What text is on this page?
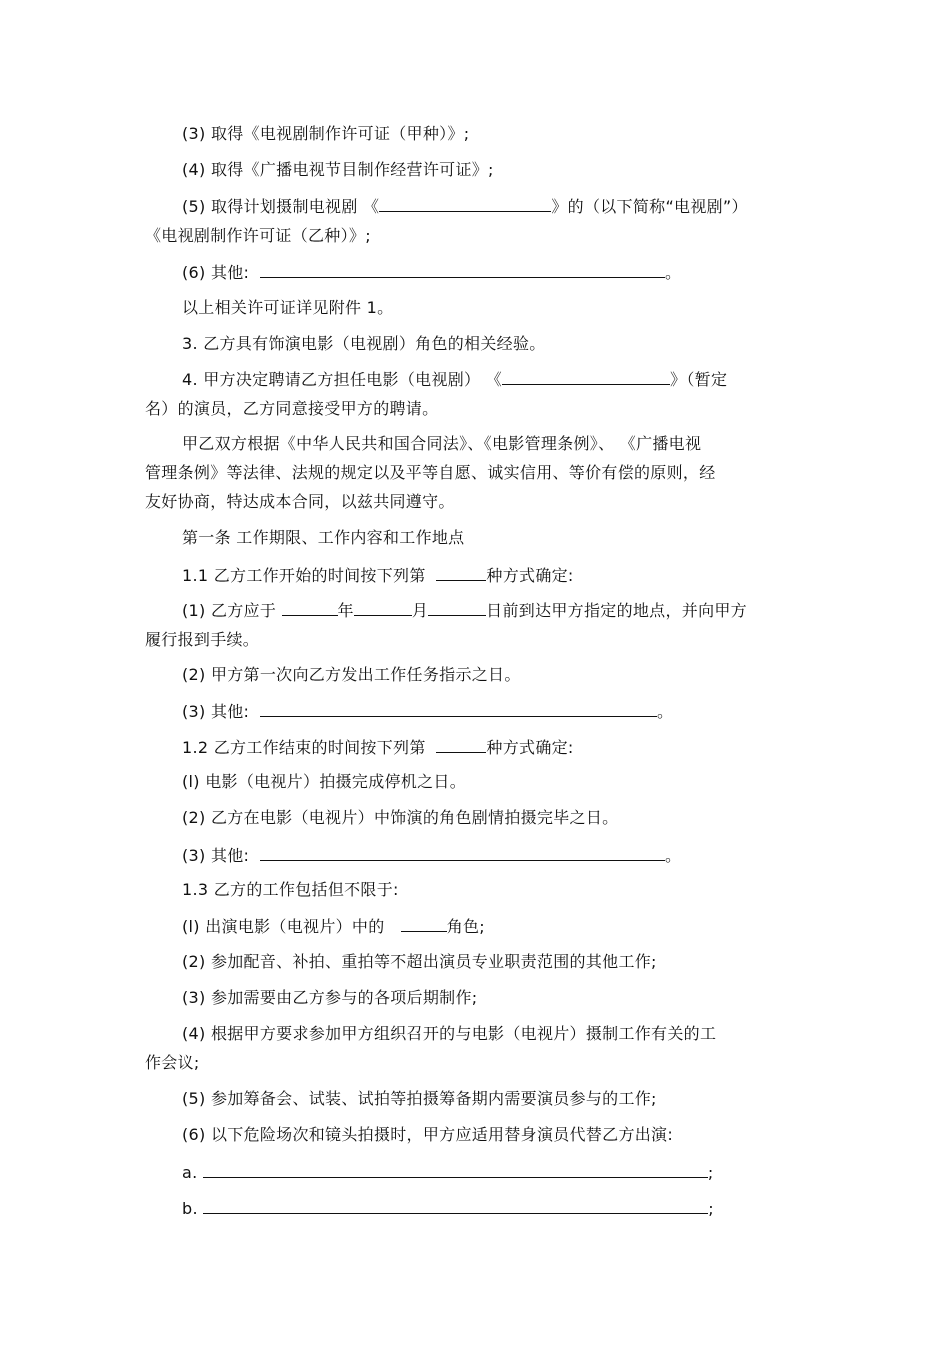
(3) 取得《电视剧制作许可证（甲种）》;
(4) 取得《广播电视节目制作经营许可证》;
(5) 取得计划摄制电视剧 《	》的（以下简称“电视剧”）
《电视剧制作许可证（乙种）》;
(6) 其他:	。
以上相关许可证详见附件 1。
3. 乙方具有饰演电影（电视剧）角色的相关经验。
4. 甲方决定聘请乙方担任电影（电视剧） 《	》（暂定
名）的演员，乙方同意接受甲方的聘请。
甲乙双方根据《中华人民共和国合同法》、《电影管理条例》、 《广播电视
管理条例》等法律、法规的规定以及平等自愿、诚实信用、等价有偿的原则，经
友好协商，特达成本合同，以兹共同遵守。
第一条 工作期限、工作内容和工作地点
1.1 乙方工作开始的时间按下列第	种方式确定:
(1) 乙方应于	年	月	日前到达甲方指定的地点，并向甲方
履行报到手续。
(2) 甲方第一次向乙方发出工作任务指示之日。
(3) 其他:	。
1.2 乙方工作结束的时间按下列第	种方式确定:
(l) 电影（电视片）拍摄完成停机之日。
(2) 乙方在电影（电视片）中饰演的角色剧情拍摄完毕之日。
(3) 其他:	。
1.3 乙方的工作包括但不限于:
(l) 出演电影（电视片）中的	角色;
(2) 参加配音、补拍、重拍等不超出演员专业职责范围的其他工作;
(3) 参加需要由乙方参与的各项后期制作;
(4) 根据甲方要求参加甲方组织召开的与电影（电视片）摄制工作有关的工
作会议;
(5) 参加筹备会、试装、试拍等拍摄筹备期内需要演员参与的工作;
(6) 以下危险场次和镜头拍摄时，甲方应适用替身演员代替乙方出演:
a.	;
b.	;
